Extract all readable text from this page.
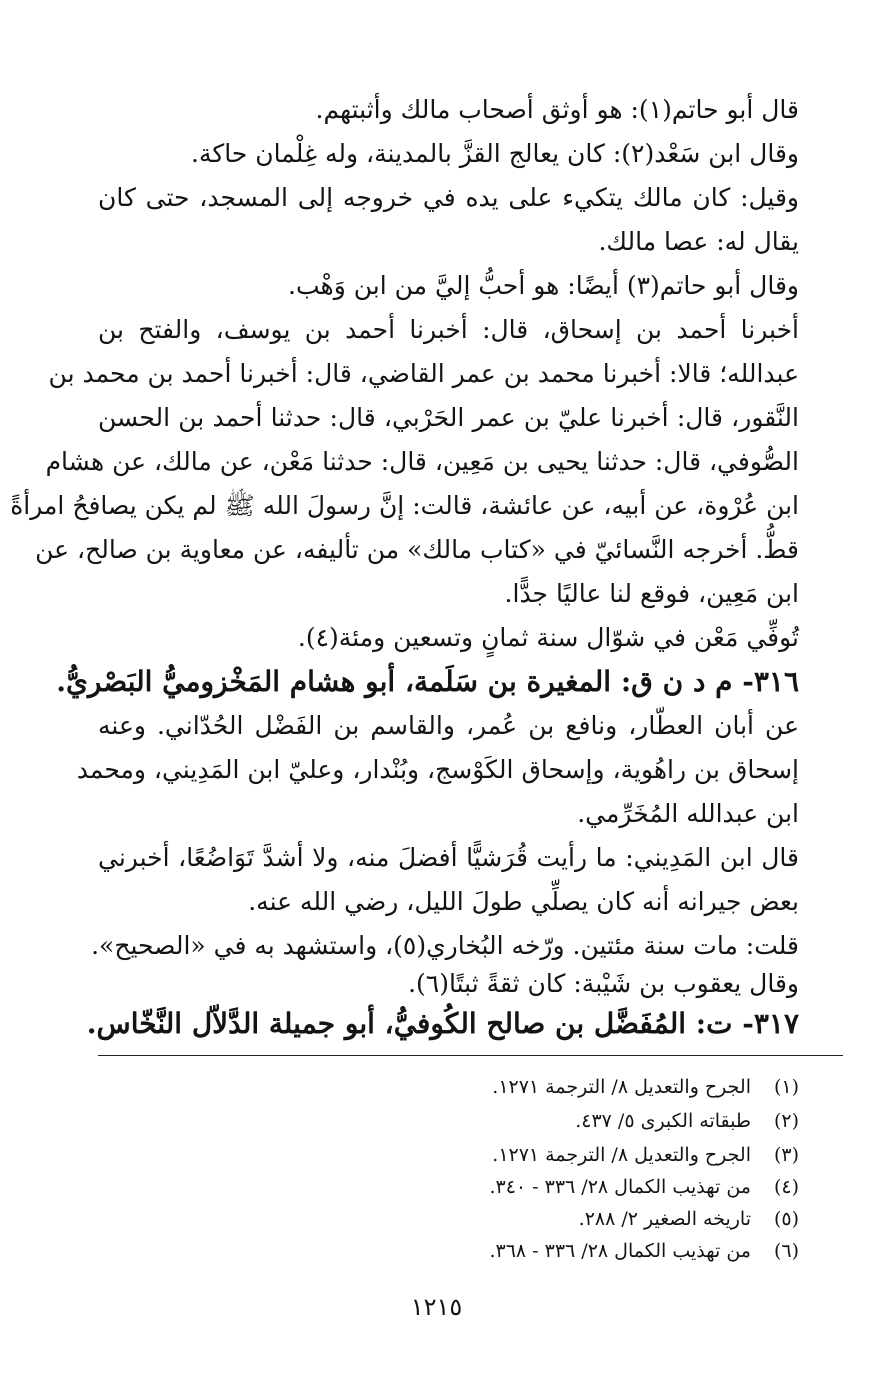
قال أبو حاتم(١): هو أوثق أصحاب مالك وأثبتهم.
وقال ابن سَعْد(٢): كان يعالج القزَّ بالمدينة، وله غِلْمان حاكة.
وقيل: كان مالك يتكيء على يده في خروجه إلى المسجد، حتى كان
يقال له: عصا مالك.
وقال أبو حاتم(٣) أيضًا: هو أحبُّ إليَّ من ابن وَهْب.
أخبرنا أحمد بن إسحاق، قال: أخبرنا أحمد بن يوسف، والفتح بن
عبدالله؛ قالا: أخبرنا محمد بن عمر القاضي، قال: أخبرنا أحمد بن محمد بن
النَّقور، قال: أخبرنا عليّ بن عمر الحَرْبي، قال: حدثنا أحمد بن الحسن
الصُّوفي، قال: حدثنا يحيى بن مَعِين، قال: حدثنا مَعْن، عن مالك، عن هشام
ابن عُرْوة، عن أبيه، عن عائشة، قالت: إنَّ رسولَ الله ﷺ لم يكن يصافحُ امرأةً
قطُّ. أخرجه النَّسائيّ في «كتاب مالك» من تأليفه، عن معاوية بن صالح، عن
ابن مَعِين، فوقع لنا عاليًا جدًّا.
تُوفِّي مَعْن في شوّال سنة ثمانٍ وتسعين ومئة(٤).
٣١٦- م د ن ق: المغيرة بن سَلَمة، أبو هشام المَخْزوميُّ البَصْريُّ.
عن أبان العطّار، ونافع بن عُمر، والقاسم بن الفَضْل الحُدّاني. وعنه
إسحاق بن راهُوية، وإسحاق الكَوْسج، وبُنْدار، وعليّ ابن المَدِيني، ومحمد
ابن عبدالله المُخَرِّمي.
قال ابن المَدِيني: ما رأيت قُرَشيًّا أفضلَ منه، ولا أشدَّ تَوَاضُعًا، أخبرني
بعض جيرانه أنه كان يصلِّي طولَ الليل، رضي الله عنه.
قلت: مات سنة مئتين. ورّخه البُخاري(٥)، واستشهد به في «الصحيح».
وقال يعقوب بن شَيْبة: كان ثقةً ثبتًا(٦).
٣١٧- ت: المُفَضَّل بن صالح الكُوفيُّ، أبو جميلة الدَّلاّل النَّخّاس.
(١)الجرح والتعديل ٨/ الترجمة ١٢٧١.
(٢)طبقاته الكبرى ٥/ ٤٣٧.
(٣)الجرح والتعديل ٨/ الترجمة ١٢٧١.
(٤)من تهذيب الكمال ٢٨/ ٣٣٦ - ٣٤٠.
(٥)تاريخه الصغير ٢/ ٢٨٨.
(٦)من تهذيب الكمال ٢٨/ ٣٣٦ - ٣٦٨.
١٢١٥
